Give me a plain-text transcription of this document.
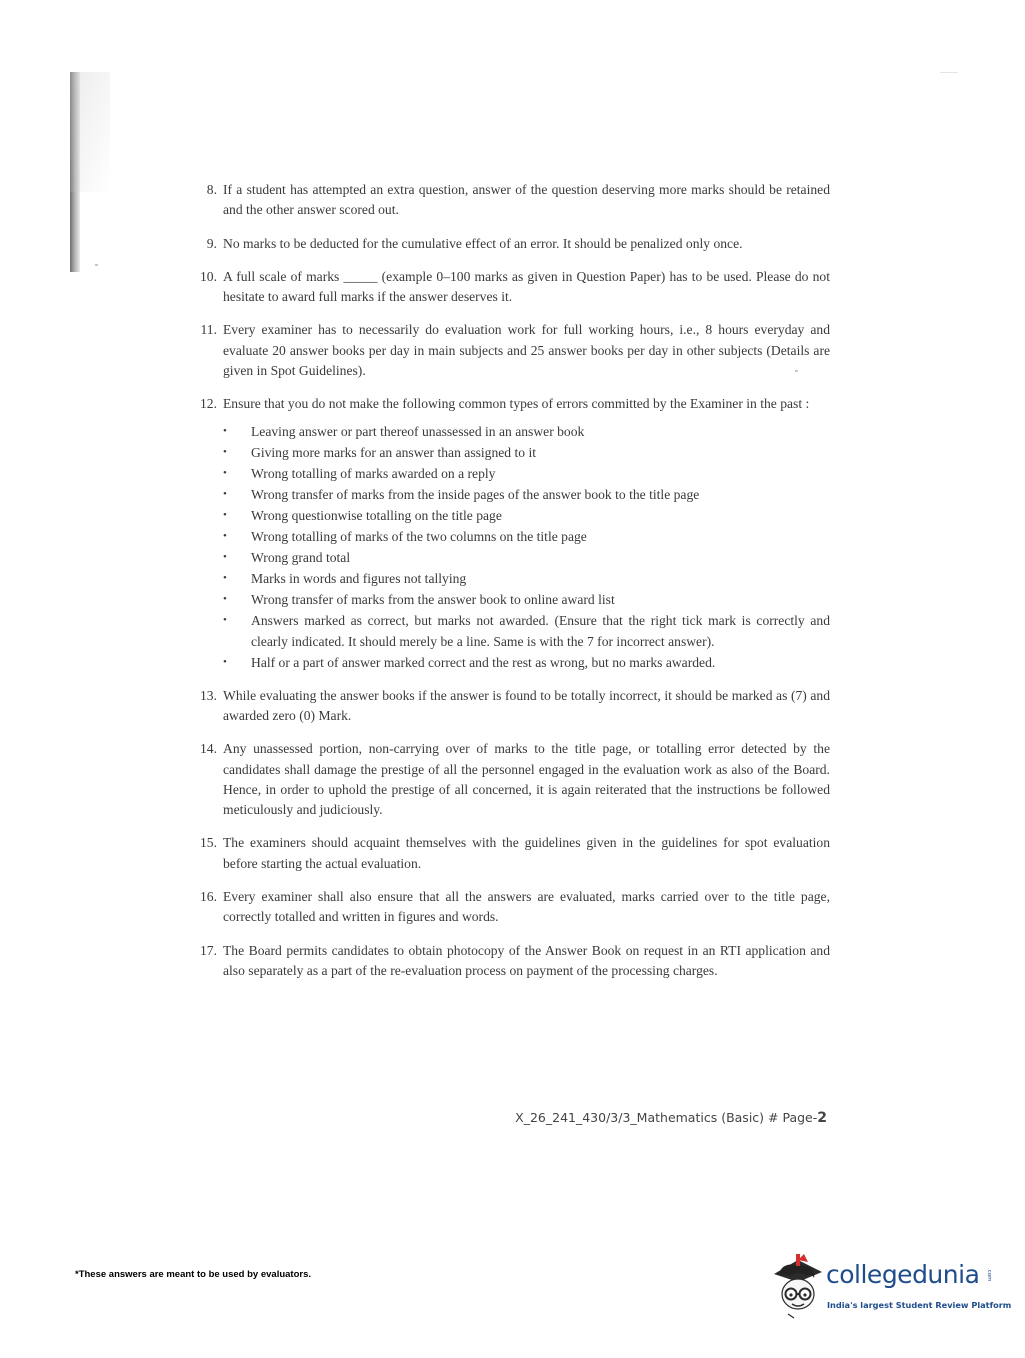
8. If a student has attempted an extra question, answer of the question deserving more marks should be retained and the other answer scored out.
9. No marks to be deducted for the cumulative effect of an error. It should be penalized only once.
10. A full scale of marks _____ (example 0–100 marks as given in Question Paper) has to be used. Please do not hesitate to award full marks if the answer deserves it.
11. Every examiner has to necessarily do evaluation work for full working hours, i.e., 8 hours everyday and evaluate 20 answer books per day in main subjects and 25 answer books per day in other subjects (Details are given in Spot Guidelines).
12. Ensure that you do not make the following common types of errors committed by the Examiner in the past :
•	Leaving answer or part thereof unassessed in an answer book
•	Giving more marks for an answer than assigned to it
•	Wrong totalling of marks awarded on a reply
•	Wrong transfer of marks from the inside pages of the answer book to the title page
•	Wrong questionwise totalling on the title page
•	Wrong totalling of marks of the two columns on the title page
•	Wrong grand total
•	Marks in words and figures not tallying
•	Wrong transfer of marks from the answer book to online award list
•	Answers marked as correct, but marks not awarded. (Ensure that the right tick mark is correctly and clearly indicated. It should merely be a line. Same is with the 7 for incorrect answer).
•	Half or a part of answer marked correct and the rest as wrong, but no marks awarded.
13. While evaluating the answer books if the answer is found to be totally incorrect, it should be marked as (7) and awarded zero (0) Mark.
14. Any unassessed portion, non-carrying over of marks to the title page, or totalling error detected by the candidates shall damage the prestige of all the personnel engaged in the evaluation work as also of the Board. Hence, in order to uphold the prestige of all concerned, it is again reiterated that the instructions be followed meticulously and judiciously.
15. The examiners should acquaint themselves with the guidelines given in the guidelines for spot evaluation before starting the actual evaluation.
16. Every examiner shall also ensure that all the answers are evaluated, marks carried over to the title page, correctly totalled and written in figures and words.
17. The Board permits candidates to obtain photocopy of the Answer Book on request in an RTI application and also separately as a part of the re-evaluation process on payment of the processing charges.
X_26_241_430/3/3_Mathematics (Basic) # Page-2
*These answers are meant to be used by evaluators.	collegedunia .com
India's largest Student Review Platform
